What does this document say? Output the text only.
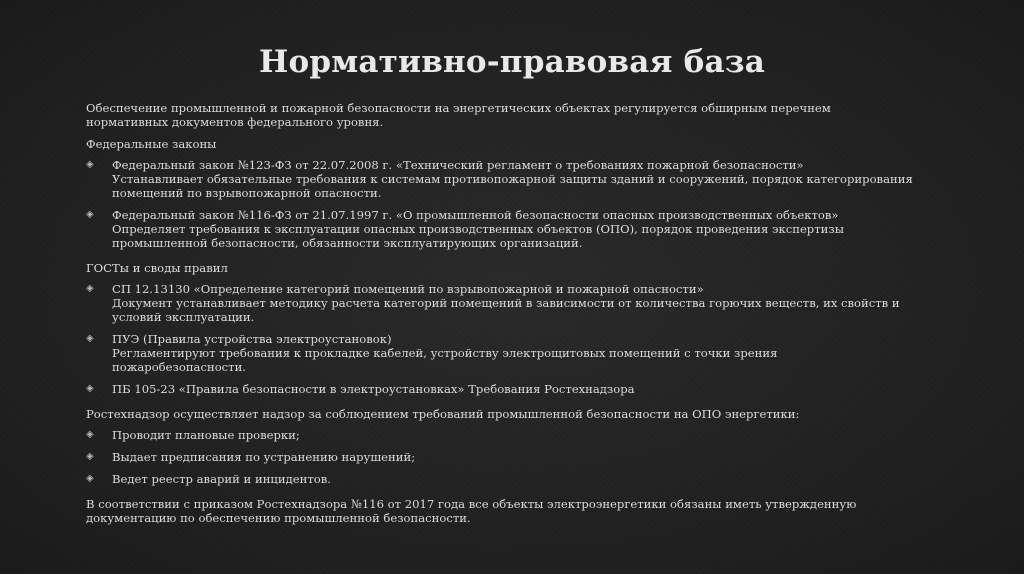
Нормативно-правовая база

Обеспечение промышленной и пожарной безопасности на энергетических объектах регулируется обширным перечнем
нормативных документов федерального уровня.

Федеральные законы

◈	Федеральный закон №123-ФЗ от 22.07.2008 г. «Технический регламент о требованиях пожарной безопасности»
Устанавливает обязательные требования к системам противопожарной защиты зданий и сооружений, порядок категорирования
помещений по взрывопожарной опасности.
◈	Федеральный закон №116-ФЗ от 21.07.1997 г. «О промышленной безопасности опасных производственных объектов»
Определяет требования к эксплуатации опасных производственных объектов (ОПО), порядок проведения экспертизы
промышленной безопасности, обязанности эксплуатирующих организаций.

ГОСТы и своды правил

◈	СП 12.13130 «Определение категорий помещений по взрывопожарной и пожарной опасности»
Документ устанавливает методику расчета категорий помещений в зависимости от количества горючих веществ, их свойств и
условий эксплуатации.
◈	ПУЭ (Правила устройства электроустановок)
Регламентируют требования к прокладке кабелей, устройству электрощитовых помещений с точки зрения
пожаробезопасности.
◈	ПБ 105-23 «Правила безопасности в электроустановках» Требования Ростехнадзора

Ростехнадзор осуществляет надзор за соблюдением требований промышленной безопасности на ОПО энергетики:

◈	Проводит плановые проверки;
◈	Выдает предписания по устранению нарушений;
◈	Ведет реестр аварий и инцидентов.

В соответствии с приказом Ростехнадзора №116 от 2017 года все объекты электроэнергетики обязаны иметь утвержденную
документацию по обеспечению промышленной безопасности.
